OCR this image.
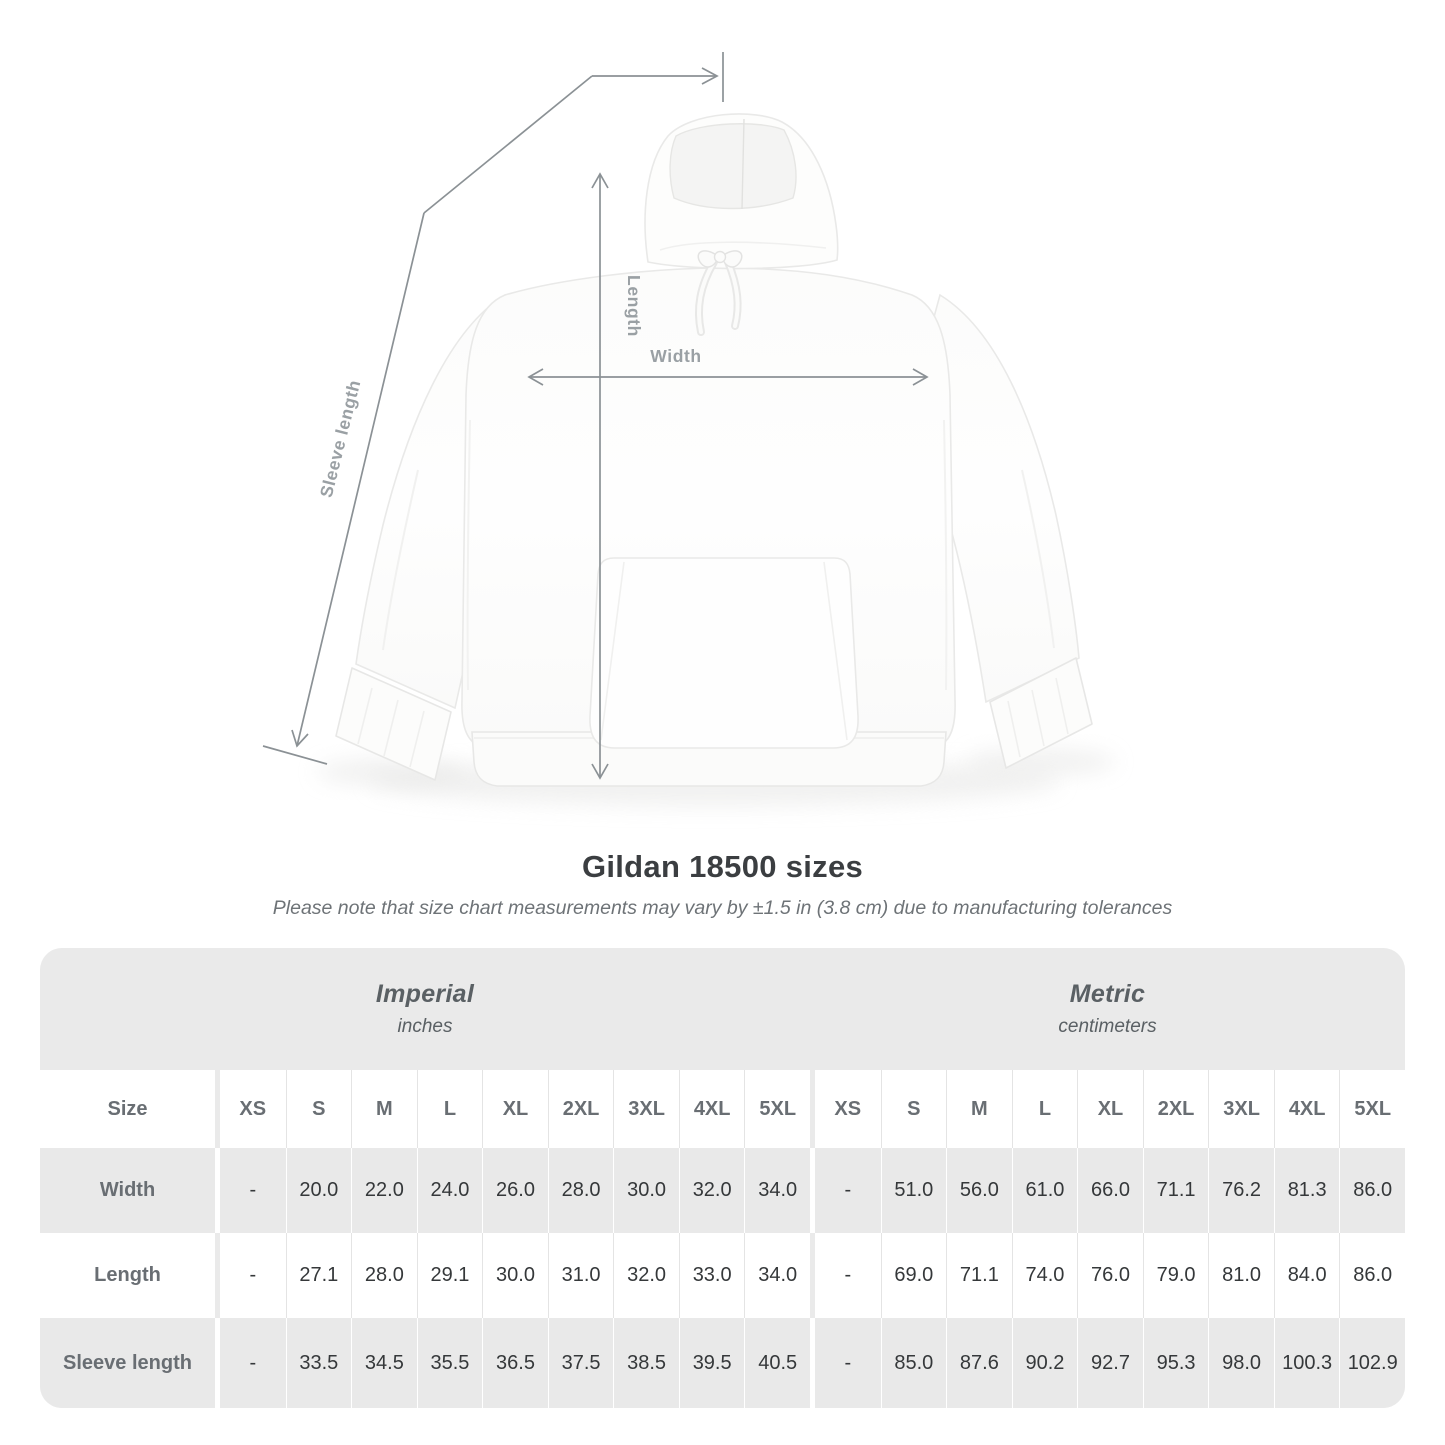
Length
Width
Sleeve length
Gildan 18500 sizes

Please note that size chart measurements may vary by ±1.5 in (3.8 cm) due to manufacturing tolerances

Imperial
inches
Metric
centimeters
Size	XS	S	M	L	XL	2XL	3XL	4XL	5XL	XS	S	M	L	XL	2XL	3XL	4XL	5XL
Width	-	20.0	22.0	24.0	26.0	28.0	30.0	32.0	34.0	-	51.0	56.0	61.0	66.0	71.1	76.2	81.3	86.0
Length	-	27.1	28.0	29.1	30.0	31.0	32.0	33.0	34.0	-	69.0	71.1	74.0	76.0	79.0	81.0	84.0	86.0
Sleeve length	-	33.5	34.5	35.5	36.5	37.5	38.5	39.5	40.5	-	85.0	87.6	90.2	92.7	95.3	98.0	100.3 102.9
